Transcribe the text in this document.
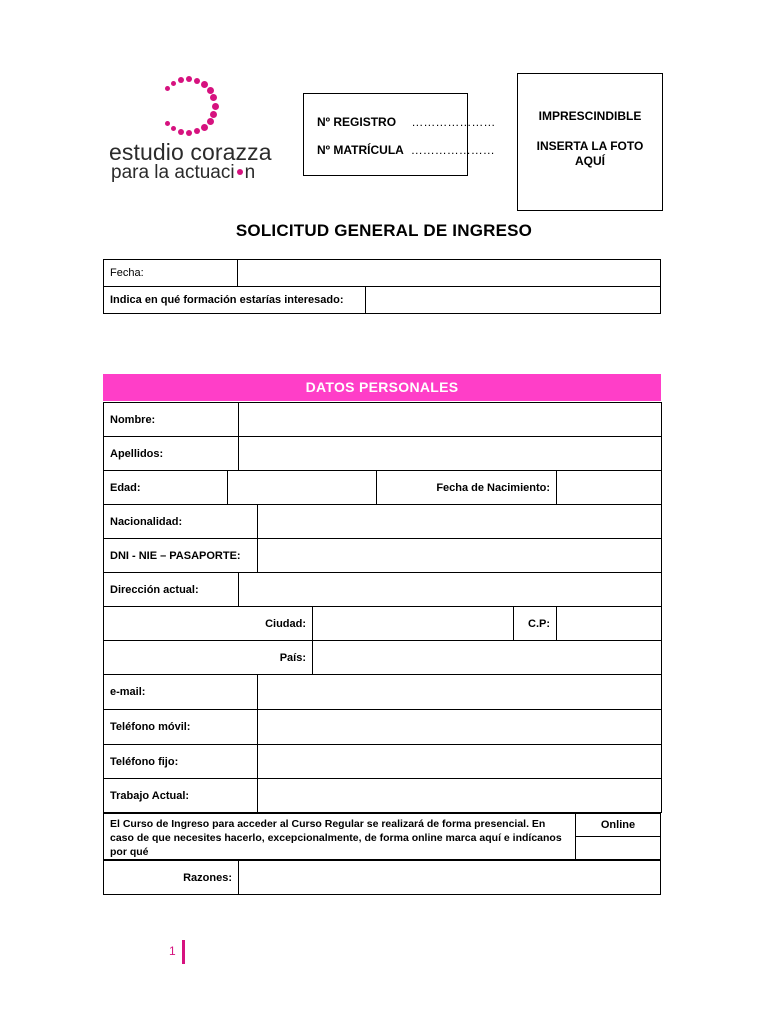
estudio corazza
para la actuaci n
Nº REGISTRO …………………
Nº MATRÍCULA …………………
IMPRESCINDIBLE
INSERTA LA FOTO
AQUÍ
SOLICITUD GENERAL DE INGRESO
Fecha:		
Indica en qué formación estarías interesado:		
DATOS PERSONALES
Nombre:							
Apellidos:							
Edad:					Fecha de Nacimiento:		
Nacionalidad:							
DNI - NIE – PASAPORTE:							
Dirección actual:							
Ciudad:						C.P:	
País:							
e-mail:							
Teléfono móvil:							
Teléfono fijo:							
Trabajo Actual:							
El Curso de Ingreso para acceder al Curso Regular se realizará de forma presencial. En caso de que necesites hacerlo, excepcionalmente, de forma online marca aquí e indícanos por qué	Online

Razones:	
1
